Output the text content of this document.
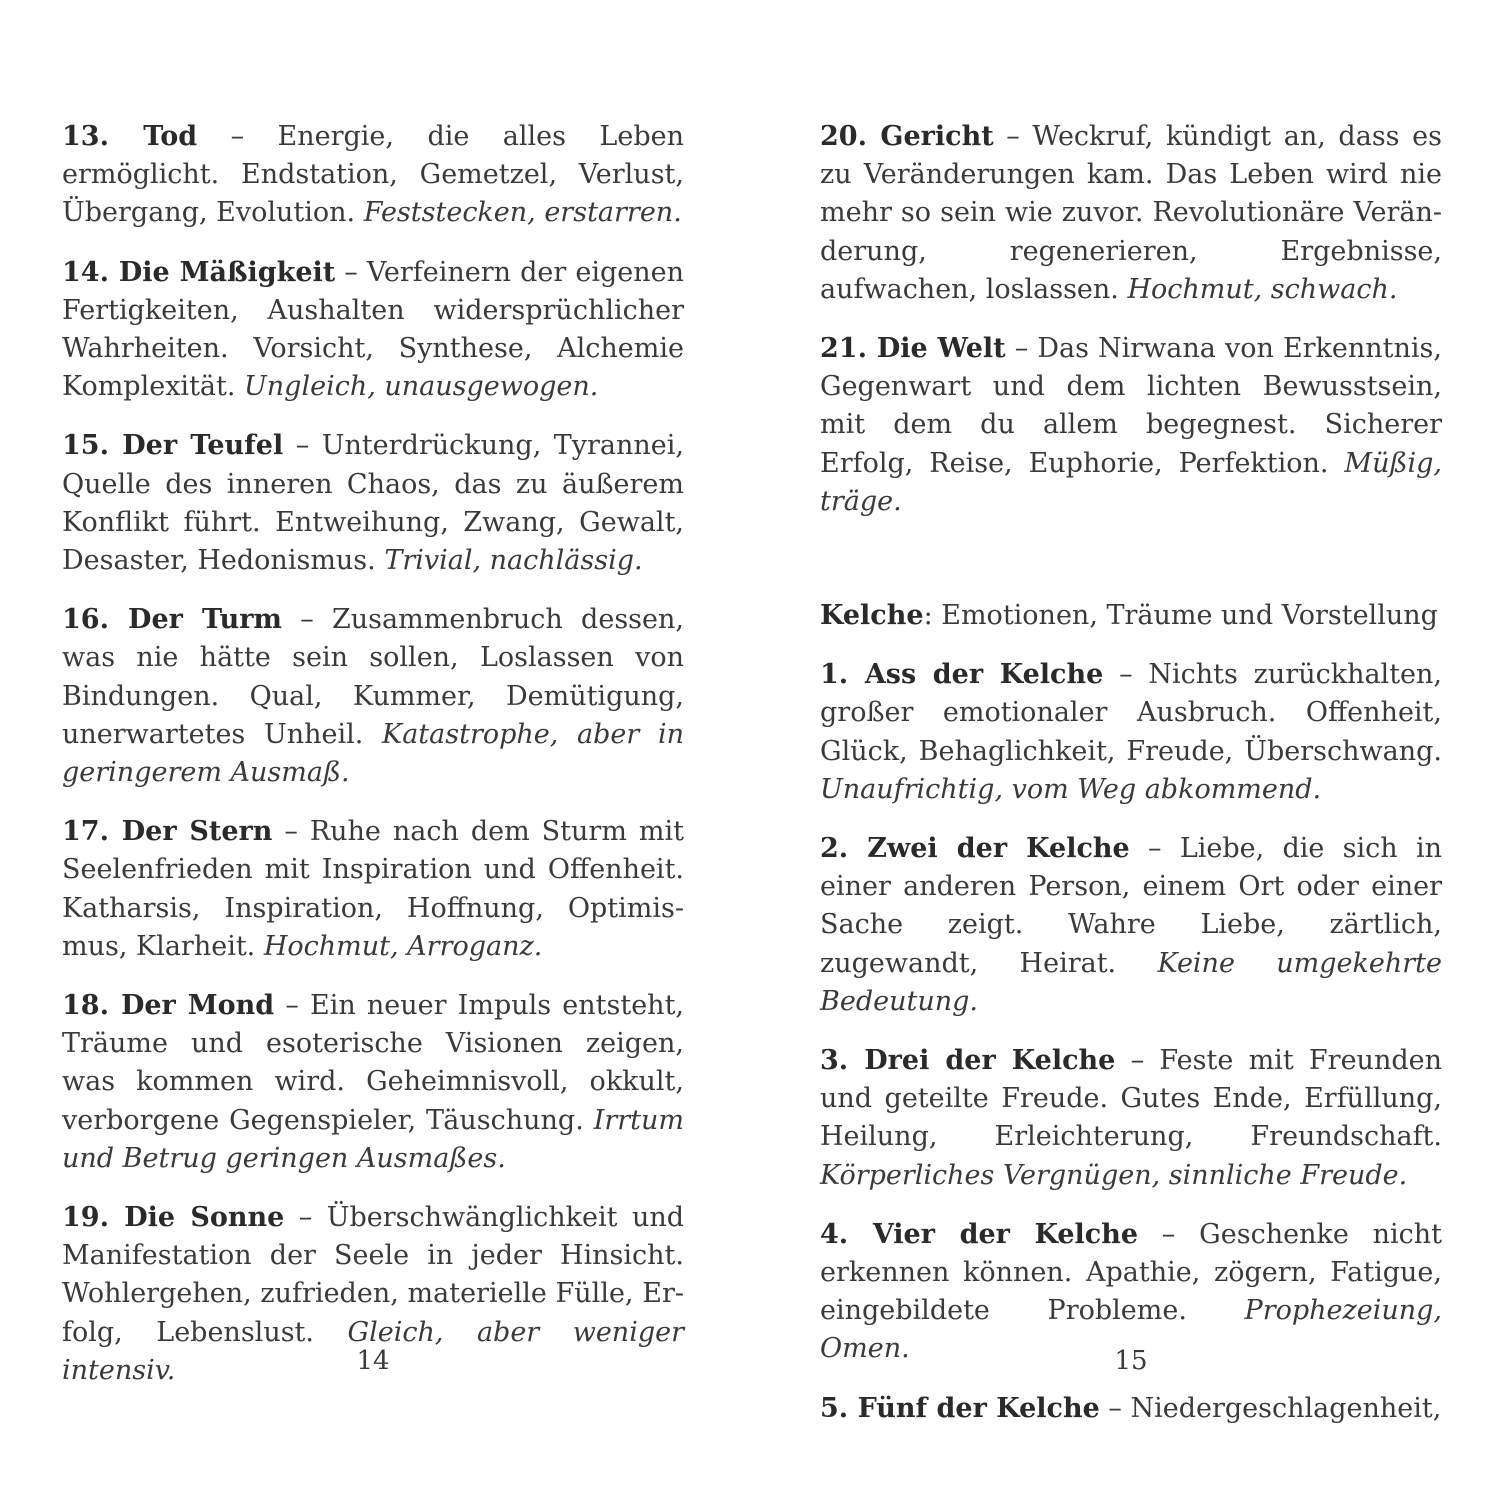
13. Tod – Energie, die alles Leben ermöglicht. Endstation, Gemetzel, Verlust, Übergang, Evolution. Feststecken, erstarren.

14. Die Mäßigkeit – Verfeinern der eigenen Fertigkeiten, Aushalten widersprüchlicher Wahrheiten. Vorsicht, Synthese, Alchemie Komplexität. Ungleich, unausgewogen.

15. Der Teufel – Unterdrückung, Tyrannei, Quelle des inneren Chaos, das zu äußerem Konflikt führt. Entweihung, Zwang, Gewalt, Desaster, Hedonismus. Trivial, nachlässig.

16. Der Turm – Zusammenbruch dessen, was nie hätte sein sollen, Loslassen von Bindungen. Qual, Kummer, Demütigung, unerwartetes Unheil. Katastrophe, aber in geringerem Ausmaß.

17. Der Stern – Ruhe nach dem Sturm mit Seelenfrieden mit Inspiration und Offenheit. Katharsis, Inspiration, Hoffnung, Optimismus, Klarheit. Hochmut, Arroganz.

18. Der Mond – Ein neuer Impuls entsteht, Träume und esoterische Visionen zeigen, was kommen wird. Geheimnisvoll, okkult, verborgene Gegenspieler, Täuschung. Irrtum und Betrug geringen Ausmaßes.

19. Die Sonne – Überschwänglichkeit und Manifestation der Seele in jeder Hinsicht. Wohlergehen, zufrieden, materielle Fülle, Erfolg, Lebenslust. Gleich, aber weniger intensiv.

20. Gericht – Weckruf, kündigt an, dass es zu Veränderungen kam. Das Leben wird nie mehr so sein wie zuvor. Revolutionäre Veränderung, regenerieren, Ergebnisse, aufwachen, loslassen. Hochmut, schwach.

21. Die Welt – Das Nirwana von Erkenntnis, Gegenwart und dem lichten Bewusstsein, mit dem du allem begegnest. Sicherer Erfolg, Reise, Euphorie, Perfektion. Müßig, träge.

Kelche: Emotionen, Träume und Vorstellung

1. Ass der Kelche – Nichts zurückhalten, großer emotionaler Ausbruch. Offenheit, Glück, Behaglichkeit, Freude, Überschwang. Unaufrichtig, vom Weg abkommend.

2. Zwei der Kelche – Liebe, die sich in einer anderen Person, einem Ort oder einer Sache zeigt. Wahre Liebe, zärtlich, zugewandt, Heirat. Keine umgekehrte Bedeutung.

3. Drei der Kelche – Feste mit Freunden und geteilte Freude. Gutes Ende, Erfüllung, Heilung, Erleichterung, Freundschaft. Körperliches Vergnügen, sinnliche Freude.

4. Vier der Kelche – Geschenke nicht erkennen können. Apathie, zögern, Fatigue, eingebildete Probleme. Prophezeiung, Omen.

5. Fünf der Kelche – Niedergeschlagenheit,

14	15
